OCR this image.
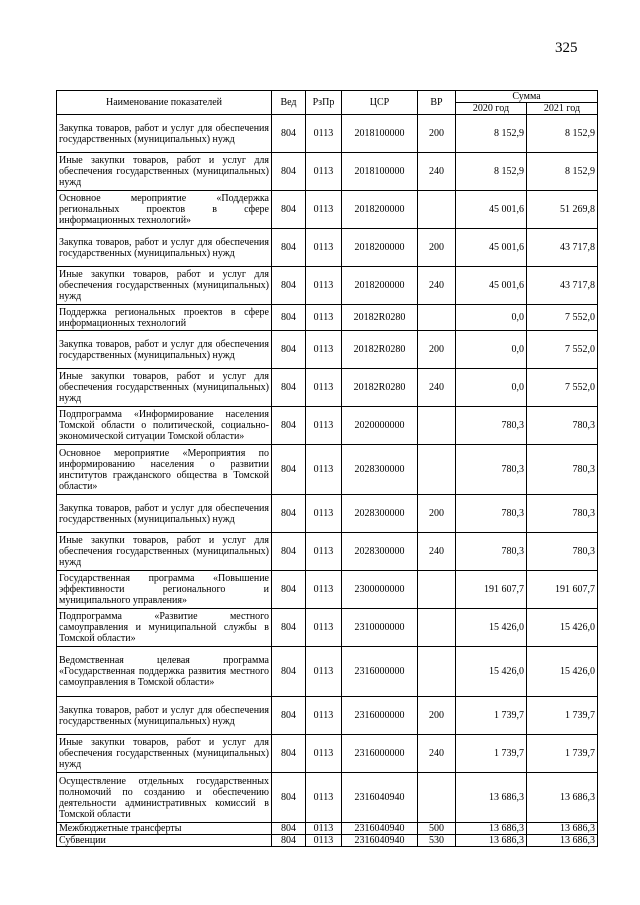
325
Наименование показателей	Вед	РзПр	ЦСР	ВР	Сумма	
					2020 год	2021 год
Закупка товаров, работ и услуг для обеспечения государственных (муниципальных) нужд	804	0113	2018100000	200	8 152,9	8 152,9
Иные закупки товаров, работ и услуг для обеспечения государственных (муниципальных) нужд	804	0113	2018100000	240	8 152,9	8 152,9
Основное мероприятие «Поддержка региональных проектов в сфере информационных технологий»	804	0113	2018200000		45 001,6	51 269,8
Закупка товаров, работ и услуг для обеспечения государственных (муниципальных) нужд	804	0113	2018200000	200	45 001,6	43 717,8
Иные закупки товаров, работ и услуг для обеспечения государственных (муниципальных) нужд	804	0113	2018200000	240	45 001,6	43 717,8
Поддержка региональных проектов в сфере информационных технологий	804	0113	20182R0280		0,0	7 552,0
Закупка товаров, работ и услуг для обеспечения государственных (муниципальных) нужд	804	0113	20182R0280	200	0,0	7 552,0
Иные закупки товаров, работ и услуг для обеспечения государственных (муниципальных) нужд	804	0113	20182R0280	240	0,0	7 552,0
Подпрограмма «Информирование населения Томской области о политической, социально-экономической ситуации Томской области»	804	0113	2020000000		780,3	780,3
Основное мероприятие «Мероприятия по информированию населения о развитии институтов гражданского общества в Томской области»	804	0113	2028300000		780,3	780,3
Закупка товаров, работ и услуг для обеспечения государственных (муниципальных) нужд	804	0113	2028300000	200	780,3	780,3
Иные закупки товаров, работ и услуг для обеспечения государственных (муниципальных) нужд	804	0113	2028300000	240	780,3	780,3
Государственная программа «Повышение эффективности регионального и муниципального управления»	804	0113	2300000000		191 607,7	191 607,7
Подпрограмма «Развитие местного самоуправления и муниципальной службы в Томской области»	804	0113	2310000000		15 426,0	15 426,0
Ведомственная целевая программа «Государственная поддержка развития местного самоуправления в Томской области»	804	0113	2316000000		15 426,0	15 426,0
Закупка товаров, работ и услуг для обеспечения государственных (муниципальных) нужд	804	0113	2316000000	200	1 739,7	1 739,7
Иные закупки товаров, работ и услуг для обеспечения государственных (муниципальных) нужд	804	0113	2316000000	240	1 739,7	1 739,7
Осуществление отдельных государственных полномочий по созданию и обеспечению деятельности административных комиссий в Томской области	804	0113	2316040940		13 686,3	13 686,3
Межбюджетные трансферты	804	0113	2316040940	500	13 686,3	13 686,3
Субвенции	804	0113	2316040940	530	13 686,3	13 686,3
